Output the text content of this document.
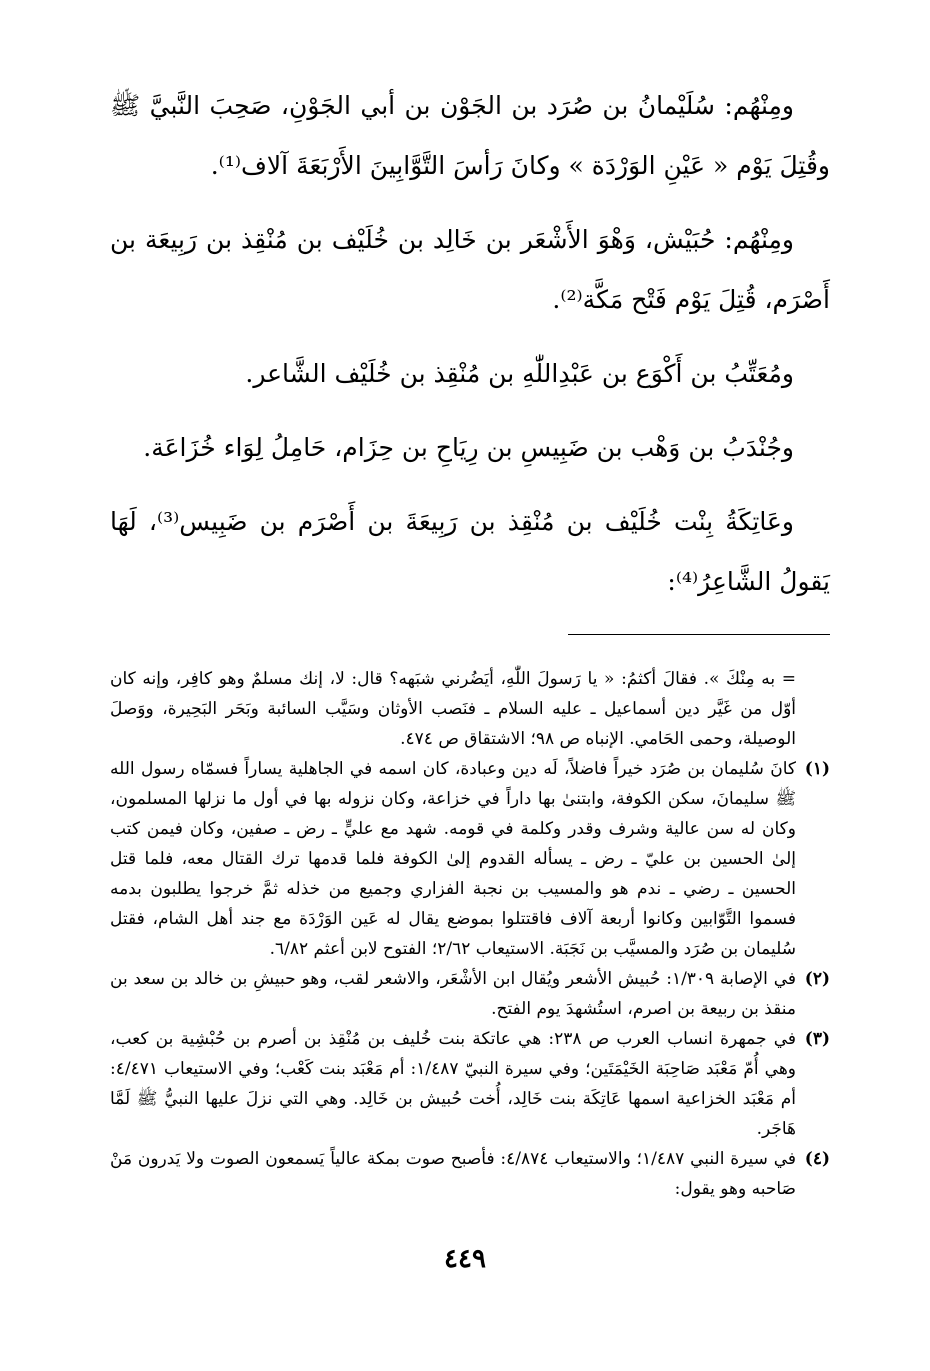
ومِنْهُم: سُلَيْمانُ بن صُرَد بن الجَوْن بن أبي الجَوْنِ، صَحِبَ النَّبيَّ ﷺ وقُتِلَ يَوْم « عَيْنِ الوَرْدَة » وكانَ رَأسَ التَّوَّابِينَ الأَرْبَعَةَ آلاف⁽¹⁾.

ومِنْهُم: حُبَيْش، وَهْوَ الأَشْعَر بن خَالِد بن خُلَيْف بن مُنْقِذ بن رَبِيعَة بن أَصْرَم، قُتِلَ يَوْم فَتْح مَكَّة⁽²⁾.

ومُعَتِّبُ بن أَكْوَع بن عَبْدِاللّٰهِ بن مُنْقِذ بن خُلَيْف الشَّاعر.

وجُنْدَبُ بن وَهْب بن ضَبِيسِ بن رِيَاحِ بن حِزَام، حَامِلُ لِوَاء خُزَاعَة.

وعَاتِكَةُ بِنْت خُلَيْف بن مُنْقِذ بن رَبِيعَةَ بن أَصْرَم بن ضَبِيس⁽³⁾، لَهَا يَقولُ الشَّاعِرُ⁽⁴⁾:

= به مِنْكَ ». فقالَ أكثمُ: « يا رَسولَ اللّٰهِ، أيَضُرني شبَهه؟ قال: لا، إنك مسلمٌ وهو كافِر، وإنه كان أوّل من غَيَّر دين أسماعيل ـ عليه السلام ـ فنَصب الأوثان وسَيَّب السائبة وبَحَر البَحِيرة، ووَصلَ الوصيلة، وحمى الحَامي. الإنباه ص ٩٨؛ الاشتقاق ص ٤٧٤.

(١)
كانَ سُليمان بن صُرَد خيراً فاضلاً، لَه دين وعبادة، كان اسمه في الجاهلية يساراً فسمّاه رسول الله ﷺ سليمانَ، سكن الكوفة، وابتنىٰ بها داراً في خزاعة، وكان نزوله بها في أول ما نزلها المسلمون، وكان له سن عالية وشرف وقدر وكلمة في قومه. شهد مع عليٍّ ـ رض ـ صفين، وكان فيمن كتب إلىٰ الحسين بن عليّ ـ رض ـ يسأله القدوم إلىٰ الكوفة فلما قدمها ترك القتال معه، فلما قتل الحسين ـ رضي ـ ندم هو والمسيب بن نجبة الفزاري وجميع من خذله ثمَّ خرجوا يطلبون بدمه فسموا التَّوّابين وكانوا أربعة آلاف فاقتتلوا بموضع يقال له عَين الوَرْدَة مع جند أهل الشام، فقتل سُليمان بن صُرَد والمسيَّب بن نَجَبَة. الاستيعاب ٢/٦٢؛ الفتوح لابن أعثم ٦/٨٢.

(٢)
في الإصابة ١/٣٠٩: حُبيش الأشعر ويُقال ابن الأشْعَر، والاشعر لقب، وهو حبيشِ بن خالد بن سعد بن منقذ بن ربيعة بن اصرم، استُشهدَ يوم الفتح.

(٣)
في جمهرة انساب العرب ص ٢٣٨: هي عاتكة بنت خُليف بن مُنْقِذ بن أصرم بن حُبْشِية بن كعب، وهي أُمّ مَعْبَد صَاحِبَة الخَيْمَتَين؛ وفي سيرة النبيّ ١/٤٨٧: أم مَعْبَد بنت كَعْب؛ وفي الاستيعاب ٤/٤٧١: أم مَعْبَد الخزاعية اسمها عَاتِكَة بنت خَالِد، أُخت حُبيش بن خَالِد. وهي التي نزلَ عليها النبيُّ ﷺ لَمَّا هَاجَر.

(٤)
في سيرة النبي ١/٤٨٧؛ والاستيعاب ٤/٨٧٤: فأصبح صوت بمكة عالياً يَسمعون الصوت ولا يَدرون مَنْ صَاحبه وهو يقول:

٤٤٩
